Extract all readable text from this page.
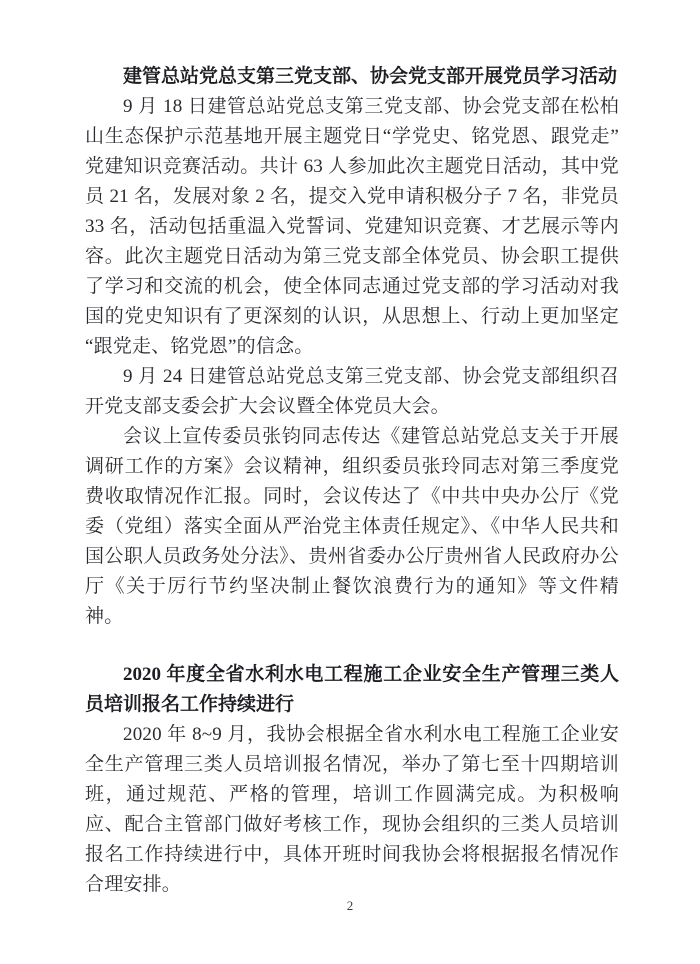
建管总站党总支第三党支部、协会党支部开展党员学习活动

9 月 18 日建管总站党总支第三党支部、协会党支部在松柏山生态保护示范基地开展主题党日“学党史、铭党恩、跟党走”党建知识竞赛活动。共计 63 人参加此次主题党日活动，其中党员 21 名，发展对象 2 名，提交入党申请积极分子 7 名，非党员 33 名，活动包括重温入党誓词、党建知识竞赛、才艺展示等内容。此次主题党日活动为第三党支部全体党员、协会职工提供了学习和交流的机会，使全体同志通过党支部的学习活动对我国的党史知识有了更深刻的认识，从思想上、行动上更加坚定“跟党走、铭党恩”的信念。

9 月 24 日建管总站党总支第三党支部、协会党支部组织召开党支部支委会扩大会议暨全体党员大会。

会议上宣传委员张钧同志传达《建管总站党总支关于开展调研工作的方案》会议精神，组织委员张玲同志对第三季度党费收取情况作汇报。同时，会议传达了《中共中央办公厅《党委（党组）落实全面从严治党主体责任规定》、《中华人民共和国公职人员政务处分法》、贵州省委办公厅贵州省人民政府办公厅《关于厉行节约坚决制止餐饮浪费行为的通知》等文件精神。

2020 年度全省水利水电工程施工企业安全生产管理三类人员培训报名工作持续进行

2020 年 8~9 月，我协会根据全省水利水电工程施工企业安全生产管理三类人员培训报名情况，举办了第七至十四期培训班，通过规范、严格的管理，培训工作圆满完成。为积极响应、配合主管部门做好考核工作，现协会组织的三类人员培训报名工作持续进行中，具体开班时间我协会将根据报名情况作合理安排。

2
